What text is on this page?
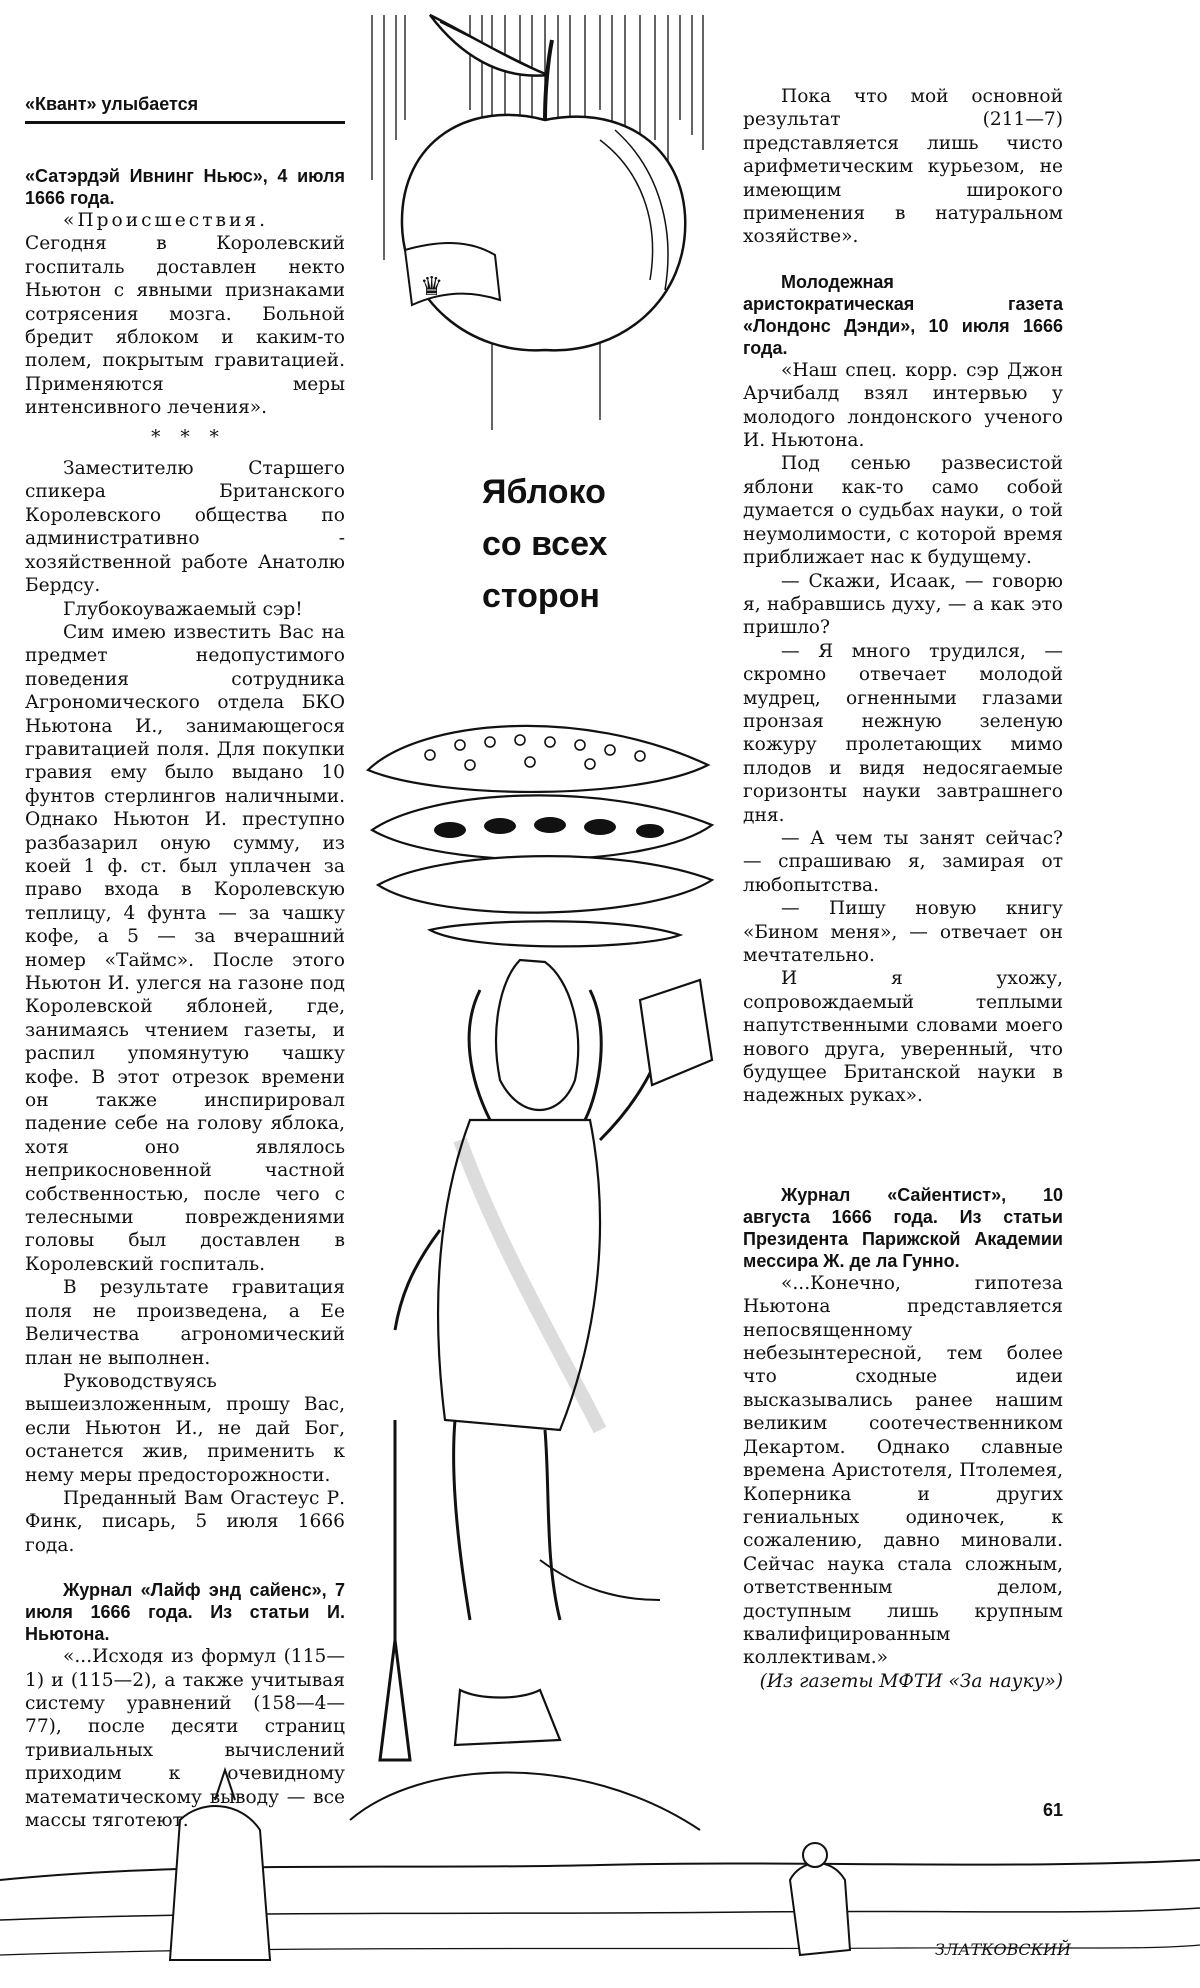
♛
ЗЛАТКОВСКИЙ
«Квант» улыбается
Яблоко
со всех
сторон

«Сатэрдэй Ивнинг Ньюс», 4 июля 1666 года.

«Происшествия. Сегодня в Королевский госпиталь доставлен некто Ньютон с явными признаками сотрясения мозга. Больной бредит яблоком и каким-то полем, покрытым гравитацией. Применяются меры интенсивного лечения».

* * *

Заместителю Старшего спикера Британского Королевского общества по административно - хозяйственной работе Анатолю Бердсу.

Глубокоуважаемый сэр!

Сим имею известить Вас на предмет недопустимого поведения сотрудника Агрономического отдела БКО Ньютона И., занимающегося гравитацией поля. Для покупки гравия ему было выдано 10 фунтов стерлингов наличными. Однако Ньютон И. преступно разбазарил оную сумму, из коей 1 ф. ст. был уплачен за право входа в Королевскую теплицу, 4 фунта — за чашку кофе, а 5 — за вчерашний номер «Таймс». После этого Ньютон И. улегся на газоне под Королевской яблоней, где, занимаясь чтением газеты, и распил упомянутую чашку кофе. В этот отрезок времени он также инспирировал падение себе на голову яблока, хотя оно являлось неприкосновенной частной собственностью, после чего с телесными повреждениями головы был доставлен в Королевский госпиталь.

В результате гравитация поля не произведена, а Ее Величества агрономический план не выполнен.

Руководствуясь вышеизложенным, прошу Вас, если Ньютон И., не дай Бог, останется жив, применить к нему меры предосторожности.

Преданный Вам Огастеус Р. Финк, писарь, 5 июля 1666 года.

Журнал «Лайф энд сайенс», 7 июля 1666 года. Из статьи И. Ньютона.

«...Исходя из формул (115—1) и (115—2), а также учитывая систему уравнений (158—4—77), после десяти страниц тривиальных вычислений приходим к очевидному математическому выводу — все массы тяготеют.

Пока что мой основной результат (211—7) представляется лишь чисто арифметическим курьезом, не имеющим широкого применения в натуральном хозяйстве».

Молодежная аристократическая газета «Лондонс Дэнди», 10 июля 1666 года.

«Наш спец. корр. сэр Джон Арчибалд взял интервью у молодого лондонского ученого И. Ньютона.

Под сенью развесистой яблони как-то само собой думается о судьбах науки, о той неумолимости, с которой время приближает нас к будущему.

— Скажи, Исаак, — говорю я, набравшись духу, — а как это пришло?

— Я много трудился, — скромно отвечает молодой мудрец, огненными глазами пронзая нежную зеленую кожуру пролетающих мимо плодов и видя недосягаемые горизонты науки завтрашнего дня.

— А чем ты занят сейчас? — спрашиваю я, замирая от любопытства.

— Пишу новую книгу «Бином меня», — отвечает он мечтательно.

И я ухожу, сопровождаемый теплыми напутственными словами моего нового друга, уверенный, что будущее Британской науки в надежных руках».

Журнал «Сайентист», 10 августа 1666 года. Из статьи Президента Парижской Академии мессира Ж. де ла Гунно.

«...Конечно, гипотеза Ньютона представляется непосвященному небезынтересной, тем более что сходные идеи высказывались ранее нашим великим соотечественником Декартом. Однако славные времена Аристотеля, Птолемея, Коперника и других гениальных одиночек, к сожалению, давно миновали. Сейчас наука стала сложным, ответственным делом, доступным лишь крупным квалифицированным коллективам.»

(Из газеты МФТИ «За науку»)

61
